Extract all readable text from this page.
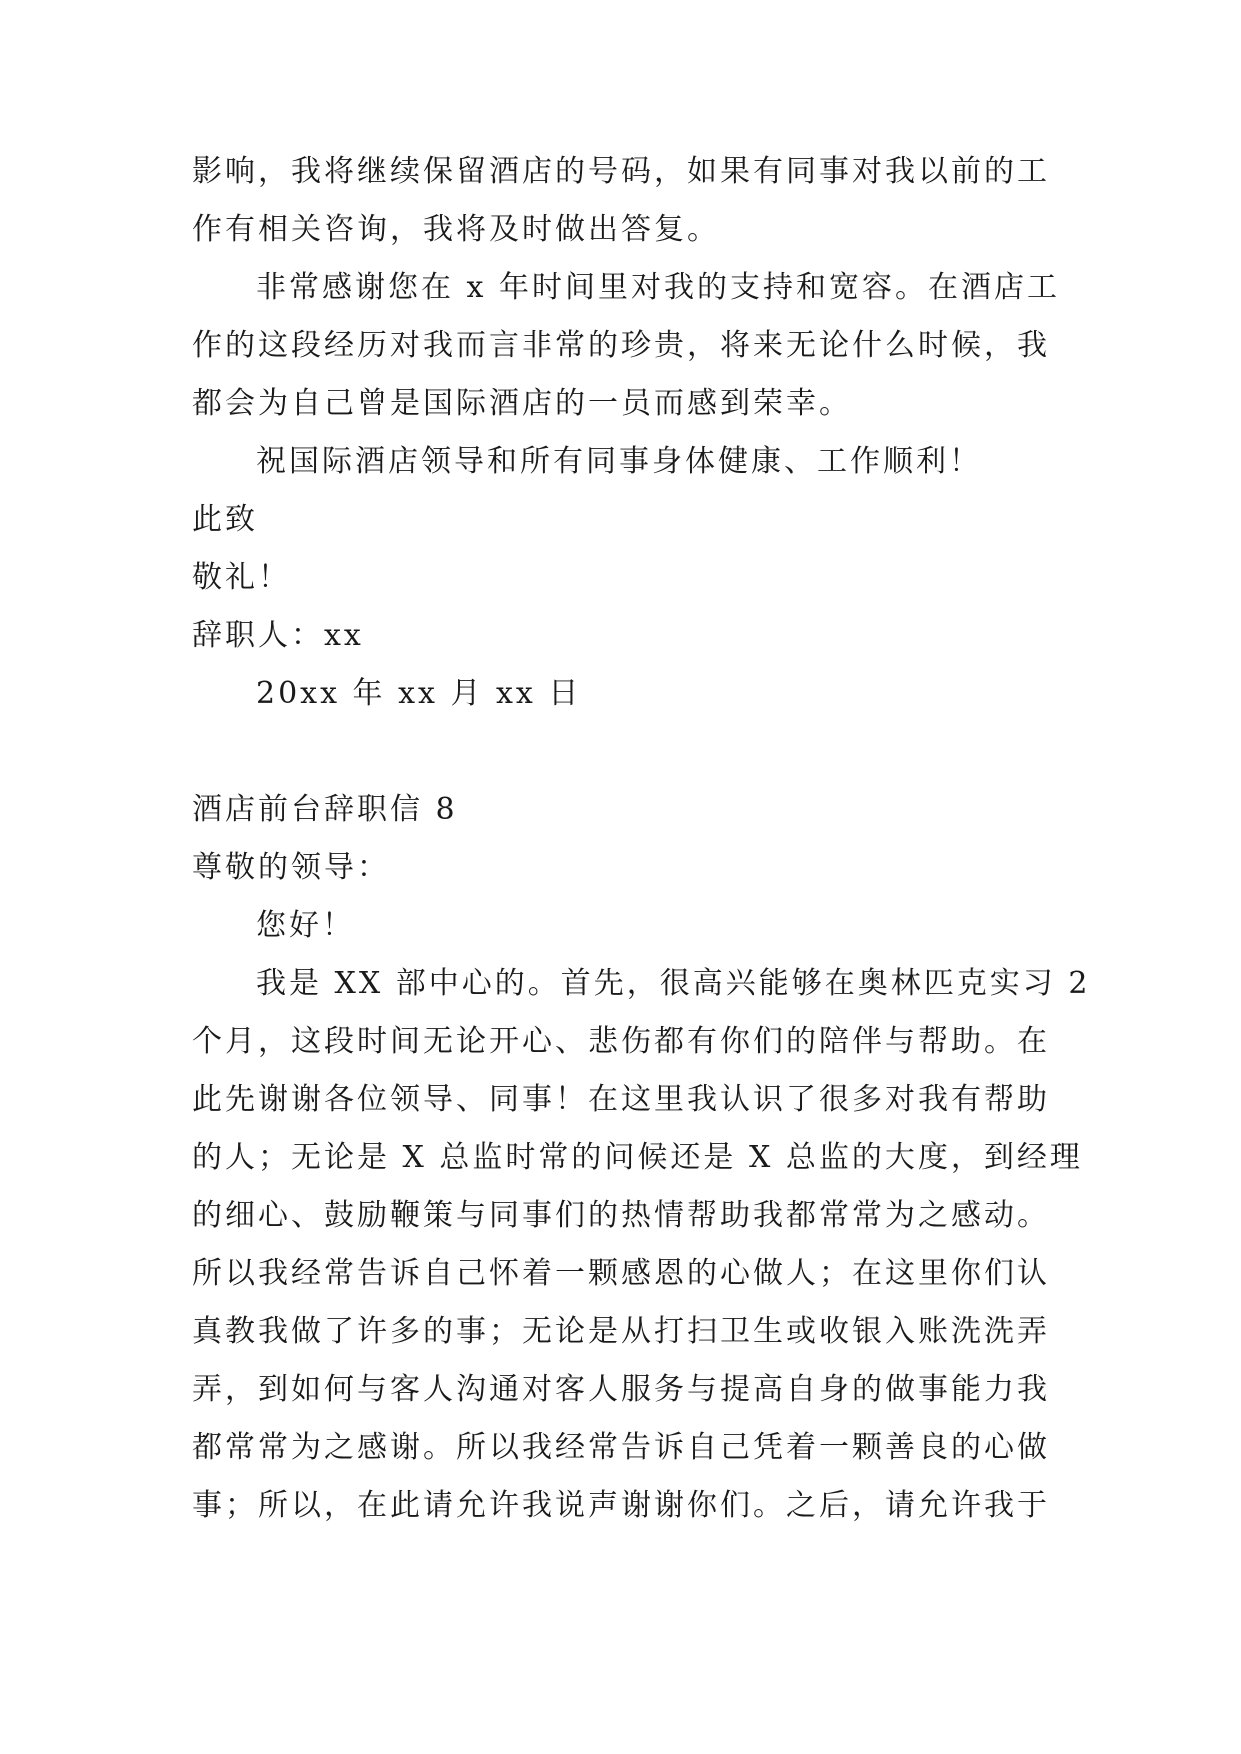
影响，我将继续保留酒店的号码，如果有同事对我以前的工
作有相关咨询，我将及时做出答复。
非常感谢您在 x 年时间里对我的支持和宽容。在酒店工
作的这段经历对我而言非常的珍贵，将来无论什么时候，我
都会为自己曾是国际酒店的一员而感到荣幸。
祝国际酒店领导和所有同事身体健康、工作顺利！
此致
敬礼！
辞职人：xx
20xx 年 xx 月 xx 日
酒店前台辞职信 8
尊敬的领导：
您好！
我是 XX 部中心的。首先，很高兴能够在奥林匹克实习 2
个月，这段时间无论开心、悲伤都有你们的陪伴与帮助。在
此先谢谢各位领导、同事！在这里我认识了很多对我有帮助
的人；无论是 X 总监时常的问候还是 X 总监的大度，到经理
的细心、鼓励鞭策与同事们的热情帮助我都常常为之感动。
所以我经常告诉自己怀着一颗感恩的心做人；在这里你们认
真教我做了许多的事；无论是从打扫卫生或收银入账洗洗弄
弄，到如何与客人沟通对客人服务与提高自身的做事能力我
都常常为之感谢。所以我经常告诉自己凭着一颗善良的心做
事；所以，在此请允许我说声谢谢你们。之后，请允许我于
